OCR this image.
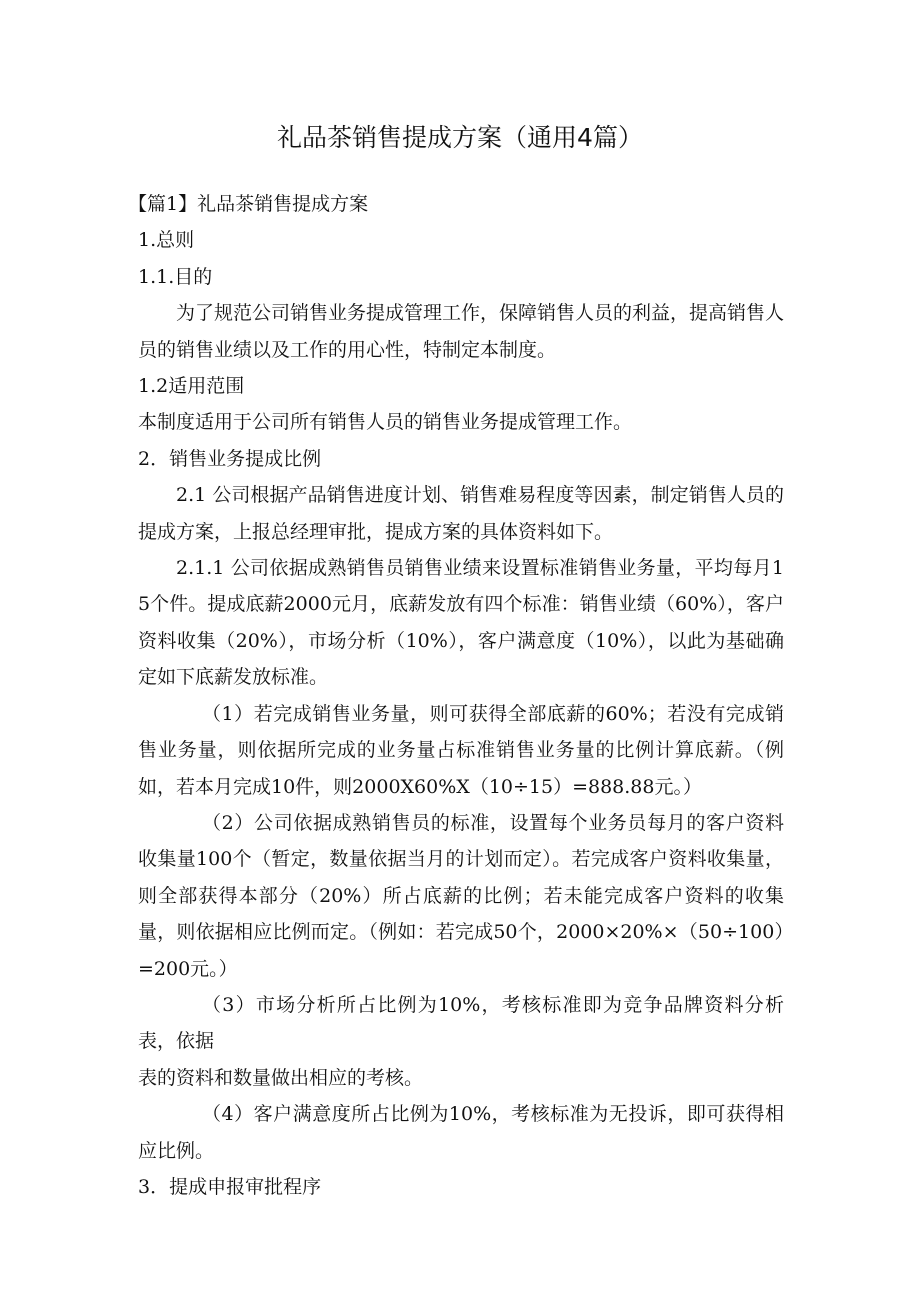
礼品茶销售提成方案（通用4篇）

【篇1】礼品茶销售提成方案

1.总则

1.1.目的

为了规范公司销售业务提成管理工作，保障销售人员的利益，提高销售人员的销售业绩以及工作的用心性，特制定本制度。

1.2适用范围

本制度适用于公司所有销售人员的销售业务提成管理工作。

2．销售业务提成比例

2.1 公司根据产品销售进度计划、销售难易程度等因素，制定销售人员的提成方案，上报总经理审批，提成方案的具体资料如下。

2.1.1 公司依据成熟销售员销售业绩来设置标准销售业务量，平均每月15个件。提成底薪2000元月，底薪发放有四个标准：销售业绩（60%），客户资料收集（20%），市场分析（10%），客户满意度（10%），以此为基础确定如下底薪发放标准。

（1）若完成销售业务量，则可获得全部底薪的60%；若没有完成销售业务量，则依据所完成的业务量占标准销售业务量的比例计算底薪。（例如，若本月完成10件，则2000X60%X（10÷15）=888.88元。）

（2）公司依据成熟销售员的标准，设置每个业务员每月的客户资料收集量100个（暂定，数量依据当月的计划而定）。若完成客户资料收集量，则全部获得本部分（20%）所占底薪的比例；若未能完成客户资料的收集量，则依据相应比例而定。（例如：若完成50个，2000×20%×（50÷100）=200元。）

（3）市场分析所占比例为10%，考核标准即为竞争品牌资料分析表，依据

表的资料和数量做出相应的考核。

（4）客户满意度所占比例为10%，考核标准为无投诉，即可获得相应比例。

3．提成申报审批程序
